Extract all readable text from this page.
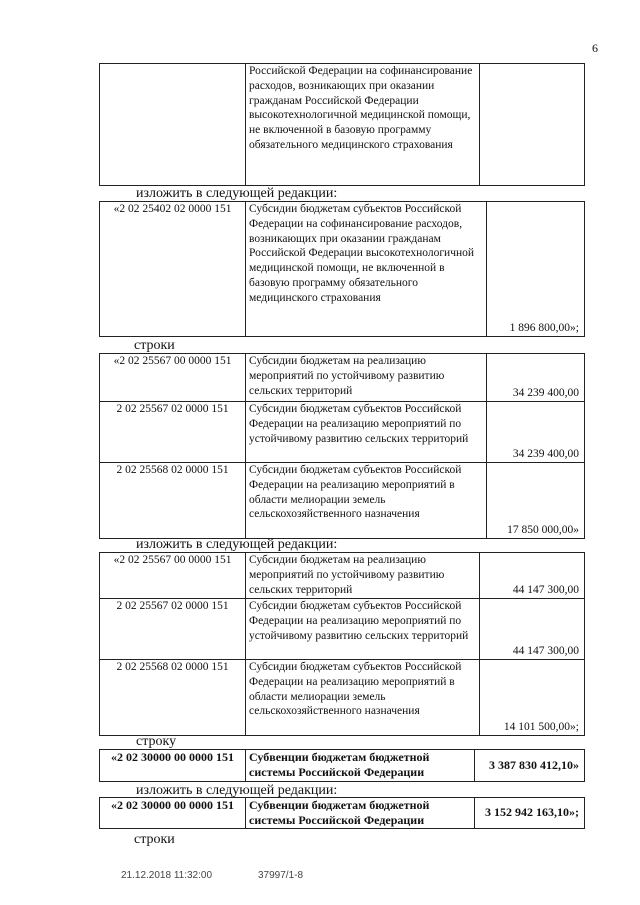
6
	Российской Федерации на софинансирование расходов, возникающих при оказании гражданам Российской Федерации высокотехнологичной медицинской помощи, не включенной в базовую программу обязательного медицинского страхования	
изложить в следующей редакции:
«2 02 25402 02 0000 151	Субсидии бюджетам субъектов Российской Федерации на софинансирование расходов, возникающих при оказании гражданам Российской Федерации высокотехнологичной медицинской помощи, не включенной в базовую программу обязательного медицинского страхования	1 896 800,00»;
строки
«2 02 25567 00 0000 151	Субсидии бюджетам на реализацию мероприятий по устойчивому развитию сельских территорий	34 239 400,00
2 02 25567 02 0000 151	Субсидии бюджетам субъектов Российской Федерации на реализацию мероприятий по устойчивому развитию сельских территорий	34 239 400,00
2 02 25568 02 0000 151	Субсидии бюджетам субъектов Российской Федерации на реализацию мероприятий в области мелиорации земель сельскохозяйственного назначения	17 850 000,00»
изложить в следующей редакции:
«2 02 25567 00 0000 151	Субсидии бюджетам на реализацию мероприятий по устойчивому развитию сельских территорий	44 147 300,00
2 02 25567 02 0000 151	Субсидии бюджетам субъектов Российской Федерации на реализацию мероприятий по устойчивому развитию сельских территорий	44 147 300,00
2 02 25568 02 0000 151	Субсидии бюджетам субъектов Российской Федерации на реализацию мероприятий в области мелиорации земель сельскохозяйственного назначения	14 101 500,00»;
строку
«2 02 30000 00 0000 151	Субвенции бюджетам бюджетной системы Российской Федерации	3 387 830 412,10»
изложить в следующей редакции:
«2 02 30000 00 0000 151	Субвенции бюджетам бюджетной системы Российской Федерации	3 152 942 163,10»;
строки
21.12.2018 11:32:00	37997/1-8
